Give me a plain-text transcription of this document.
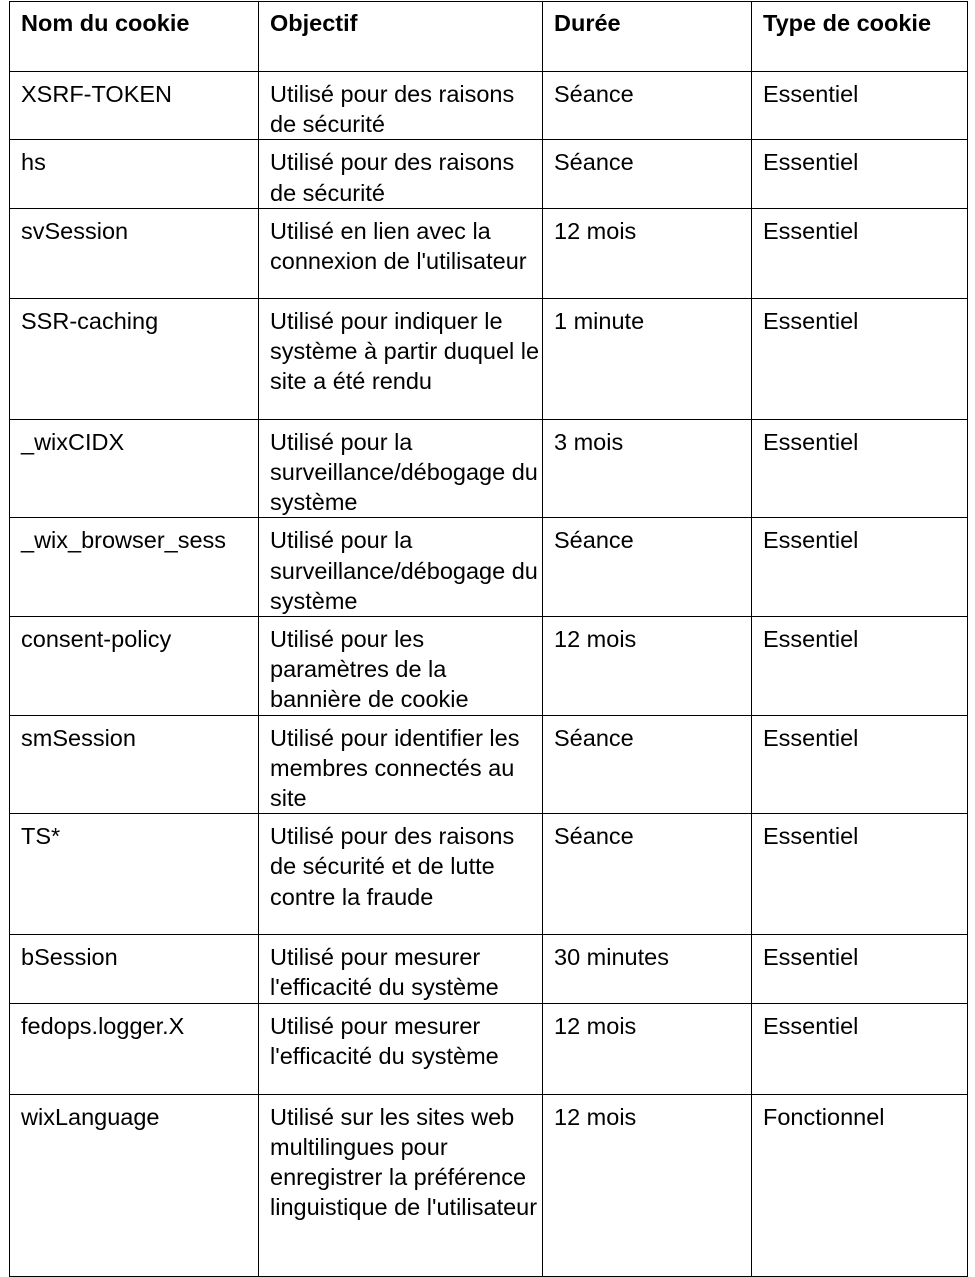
Nom du cookie	Objectif	Durée	Type de cookie
XSRF-TOKEN	Utilisé pour des raisons de sécurité	Séance	Essentiel
hs	Utilisé pour des raisons de sécurité	Séance	Essentiel
svSession	Utilisé en lien avec la connexion de l'utilisateur	12 mois	Essentiel
SSR-caching	Utilisé pour indiquer le système à partir duquel le site a été rendu	1 minute	Essentiel
_wixCIDX	Utilisé pour la surveillance/débogage du système	3 mois	Essentiel
_wix_browser_sess	Utilisé pour la surveillance/débogage du système	Séance	Essentiel
consent-policy	Utilisé pour les paramètres de la bannière de cookie	12 mois	Essentiel
smSession	Utilisé pour identifier les membres connectés au site	Séance	Essentiel
TS*	Utilisé pour des raisons de sécurité et de lutte contre la fraude	Séance	Essentiel
bSession	Utilisé pour mesurer l'efficacité du système	30 minutes	Essentiel
fedops.logger.X	Utilisé pour mesurer l'efficacité du système	12 mois	Essentiel
wixLanguage	Utilisé sur les sites web multilingues pour enregistrer la préférence linguistique de l'utilisateur	12 mois	Fonctionnel
